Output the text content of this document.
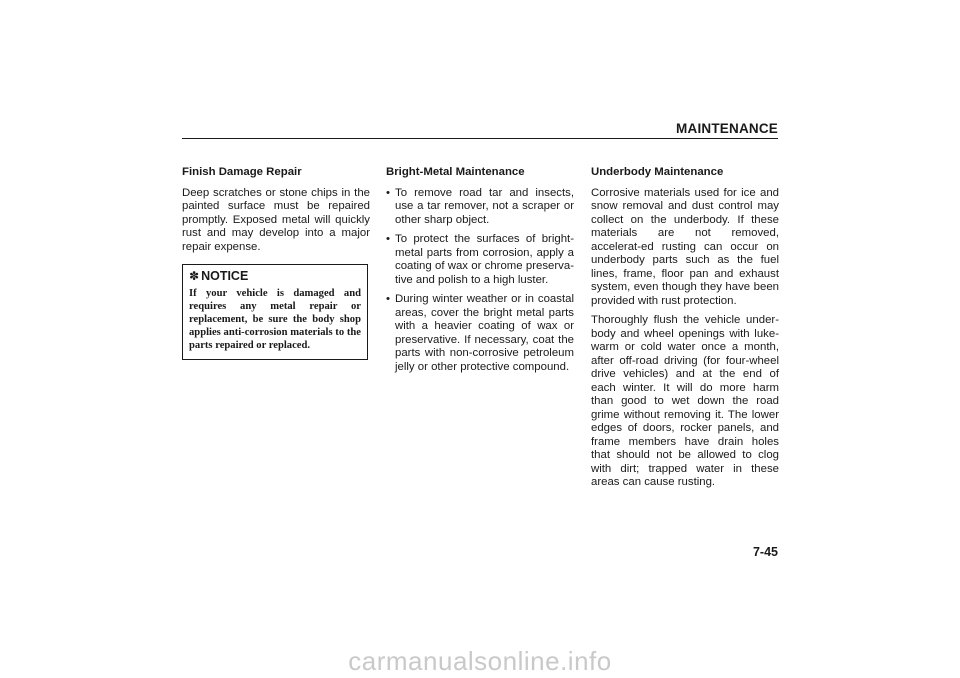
MAINTENANCE
Finish Damage Repair

Deep scratches or stone chips in the painted surface must be repaired promptly. Exposed metal will quickly rust and may develop into a major repair expense.

✽ NOTICE
If your vehicle is damaged and requires any metal repair or replacement, be sure the body shop applies anti-corrosion materials to the parts repaired or replaced.
Bright-Metal Maintenance
• To remove road tar and insects, use a tar remover, not a scraper or other sharp object.
• To protect the surfaces of bright-metal parts from corrosion, apply a coating of wax or chrome preserva-tive and polish to a high luster.
• During winter weather or in coastal areas, cover the bright metal parts with a heavier coating of wax or preservative. If necessary, coat the parts with non-corrosive petroleum jelly or other protective compound.
Underbody Maintenance

Corrosive materials used for ice and snow removal and dust control may collect on the underbody. If these materials are not removed, accelerat-ed rusting can occur on underbody parts such as the fuel lines, frame, floor pan and exhaust system, even though they have been provided with rust protection.

Thoroughly flush the vehicle under-body and wheel openings with luke-warm or cold water once a month, after off-road driving (for four-wheel drive vehicles) and at the end of each winter. It will do more harm than good to wet down the road grime without removing it. The lower edges of doors, rocker panels, and frame members have drain holes that should not be allowed to clog with dirt; trapped water in these areas can cause rusting.

7-45
carmanualsonline.info
